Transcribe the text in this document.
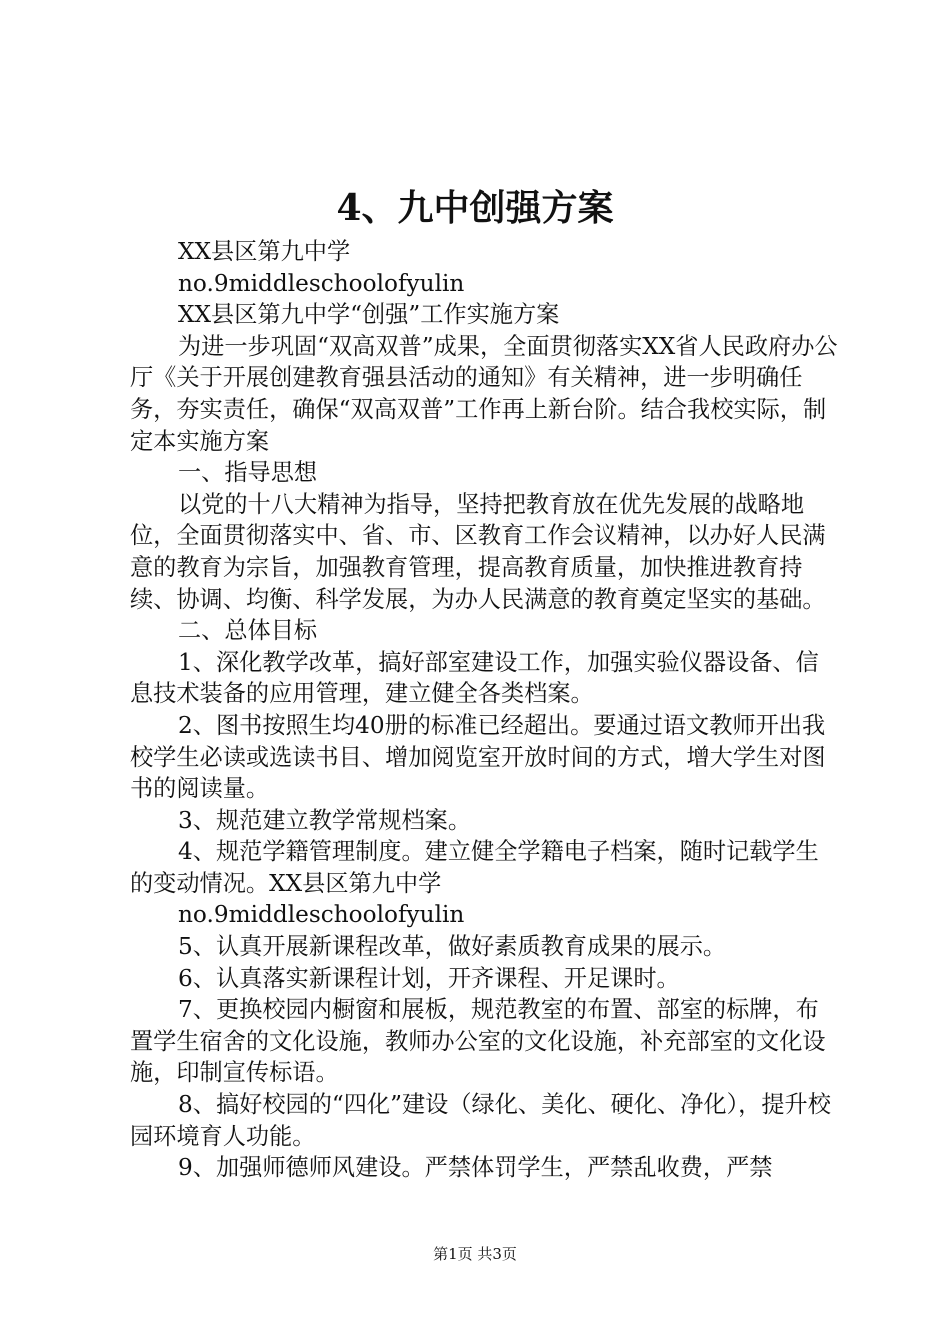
4、九中创强方案

XX县区第九中学

no.9middleschoolofyulin

XX县区第九中学“创强”工作实施方案

为进一步巩固“双高双普”成果，全面贯彻落实XX省人民政府办公厅《关于开展创建教育强县活动的通知》有关精神，进一步明确任务，夯实责任，确保“双高双普”工作再上新台阶。结合我校实际，制定本实施方案

一、指导思想

以党的十八大精神为指导，坚持把教育放在优先发展的战略地位，全面贯彻落实中、省、市、区教育工作会议精神，以办好人民满意的教育为宗旨，加强教育管理，提高教育质量，加快推进教育持续、协调、均衡、科学发展，为办人民满意的教育奠定坚实的基础。

二、总体目标

1、深化教学改革，搞好部室建设工作，加强实验仪器设备、信息技术装备的应用管理，建立健全各类档案。

2、图书按照生均40册的标准已经超出。要通过语文教师开出我校学生必读或选读书目、增加阅览室开放时间的方式，增大学生对图书的阅读量。

3、规范建立教学常规档案。

4、规范学籍管理制度。建立健全学籍电子档案，随时记载学生的变动情况。XX县区第九中学

no.9middleschoolofyulin

5、认真开展新课程改革，做好素质教育成果的展示。

6、认真落实新课程计划，开齐课程、开足课时。

7、更换校园内橱窗和展板，规范教室的布置、部室的标牌，布置学生宿舍的文化设施，教师办公室的文化设施，补充部室的文化设施，印制宣传标语。

8、搞好校园的“四化”建设（绿化、美化、硬化、净化），提升校园环境育人功能。

9、加强师德师风建设。严禁体罚学生，严禁乱收费，严禁

第1页 共3页
